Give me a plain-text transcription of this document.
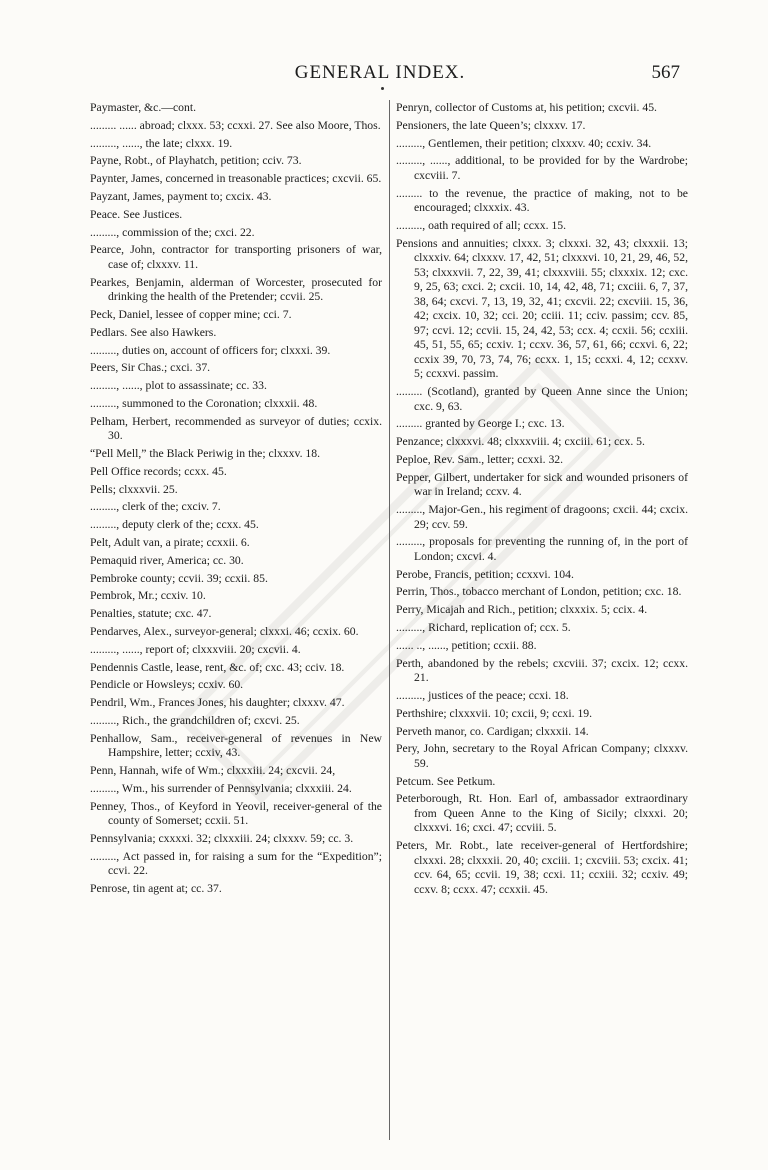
GENERAL INDEX.	567
Paymaster, &c.—cont.
......... ...... abroad; clxxx. 53; ccxxi. 27. See also Moore, Thos.
........., ......, the late; clxxx. 19.
Payne, Robt., of Playhatch, petition; cciv. 73.
Paynter, James, concerned in treasonable practices; cxcvii. 65.
Payzant, James, payment to; cxcix. 43.
Peace. See Justices.
........., commission of the; cxci. 22.
Pearce, John, contractor for transporting prisoners of war, case of; clxxxv. 11.
Pearkes, Benjamin, alderman of Worcester, prosecuted for drinking the health of the Pretender; ccvii. 25.
Peck, Daniel, lessee of copper mine; cci. 7.
Pedlars. See also Hawkers.
........., duties on, account of officers for; clxxxi. 39.
Peers, Sir Chas.; cxci. 37.
........., ......, plot to assassinate; cc. 33.
........., summoned to the Coronation; clxxxii. 48.
Pelham, Herbert, recommended as surveyor of duties; ccxix. 30.
“Pell Mell,” the Black Periwig in the; clxxxv. 18.
Pell Office records; ccxx. 45.
Pells; clxxxvii. 25.
........., clerk of the; cxciv. 7.
........., deputy clerk of the; ccxx. 45.
Pelt, Adult van, a pirate; ccxxii. 6.
Pemaquid river, America; cc. 30.
Pembroke county; ccvii. 39; ccxii. 85.
Pembrok, Mr.; ccxiv. 10.
Penalties, statute; cxc. 47.
Pendarves, Alex., surveyor-general; clxxxi. 46; ccxix. 60.
........., ......, report of; clxxxviii. 20; cxcvii. 4.
Pendennis Castle, lease, rent, &c. of; cxc. 43; cciv. 18.
Pendicle or Howsleys; ccxiv. 60.
Pendril, Wm., Frances Jones, his daughter; clxxxv. 47.
........., Rich., the grandchildren of; cxcvi. 25.
Penhallow, Sam., receiver-general of revenues in New Hampshire, letter; ccxiv, 43.
Penn, Hannah, wife of Wm.; clxxxiii. 24; cxcvii. 24,
........., Wm., his surrender of Pennsylvania; clxxxiii. 24.
Penney, Thos., of Keyford in Yeovil, receiver-general of the county of Somerset; ccxii. 51.
Pennsylvania; cxxxxi. 32; clxxxiii. 24; clxxxv. 59; cc. 3.
........., Act passed in, for raising a sum for the “Expedition”; ccvi. 22.
Penrose, tin agent at; cc. 37.
Penryn, collector of Customs at, his petition; cxcvii. 45.
Pensioners, the late Queen’s; clxxxv. 17.
........., Gentlemen, their petition; clxxxv. 40; ccxiv. 34.
........., ......, additional, to be provided for by the Wardrobe; cxcviii. 7.
......... to the revenue, the practice of making, not to be encouraged; clxxxix. 43.
........., oath required of all; ccxx. 15.
Pensions and annuities; clxxx. 3; clxxxi. 32, 43; clxxxii. 13; clxxxiv. 64; clxxxv. 17, 42, 51; clxxxvi. 10, 21, 29, 46, 52, 53; clxxxvii. 7, 22, 39, 41; clxxxviii. 55; clxxxix. 12; cxc. 9, 25, 63; cxci. 2; cxcii. 10, 14, 42, 48, 71; cxciii. 6, 7, 37, 38, 64; cxcvi. 7, 13, 19, 32, 41; cxcvii. 22; cxcviii. 15, 36, 42; cxcix. 10, 32; cci. 20; cciii. 11; cciv. passim; ccv. 85, 97; ccvi. 12; ccvii. 15, 24, 42, 53; ccx. 4; ccxii. 56; ccxiii. 45, 51, 55, 65; ccxiv. 1; ccxv. 36, 57, 61, 66; ccxvi. 6, 22; ccxix 39, 70, 73, 74, 76; ccxx. 1, 15; ccxxi. 4, 12; ccxxv. 5; ccxxvi. passim.
......... (Scotland), granted by Queen Anne since the Union; cxc. 9, 63.
......... granted by George I.; cxc. 13.
Penzance; clxxxvi. 48; clxxxviii. 4; cxciii. 61; ccx. 5.
Peploe, Rev. Sam., letter; ccxxi. 32.
Pepper, Gilbert, undertaker for sick and wounded prisoners of war in Ireland; ccxv. 4.
........., Major-Gen., his regiment of dragoons; cxcii. 44; cxcix. 29; ccv. 59.
........., proposals for preventing the running of, in the port of London; cxcvi. 4.
Perobe, Francis, petition; ccxxvi. 104.
Perrin, Thos., tobacco merchant of London, petition; cxc. 18.
Perry, Micajah and Rich., petition; clxxxix. 5; ccix. 4.
........., Richard, replication of; ccx. 5.
...... .., ......, petition; ccxii. 88.
Perth, abandoned by the rebels; cxcviii. 37; cxcix. 12; ccxx. 21.
........., justices of the peace; ccxi. 18.
Perthshire; clxxxvii. 10; cxcii, 9; ccxi. 19.
Perveth manor, co. Cardigan; clxxxii. 14.
Pery, John, secretary to the Royal African Company; clxxxv. 59.
Petcum. See Petkum.
Peterborough, Rt. Hon. Earl of, ambassador extraordinary from Queen Anne to the King of Sicily; clxxxi. 20; clxxxvi. 16; cxci. 47; ccviii. 5.
Peters, Mr. Robt., late receiver-general of Hertfordshire; clxxxi. 28; clxxxii. 20, 40; cxciii. 1; cxcviii. 53; cxcix. 41; ccv. 64, 65; ccvii. 19, 38; ccxi. 11; ccxiii. 32; ccxiv. 49; ccxv. 8; ccxx. 47; ccxxii. 45.
